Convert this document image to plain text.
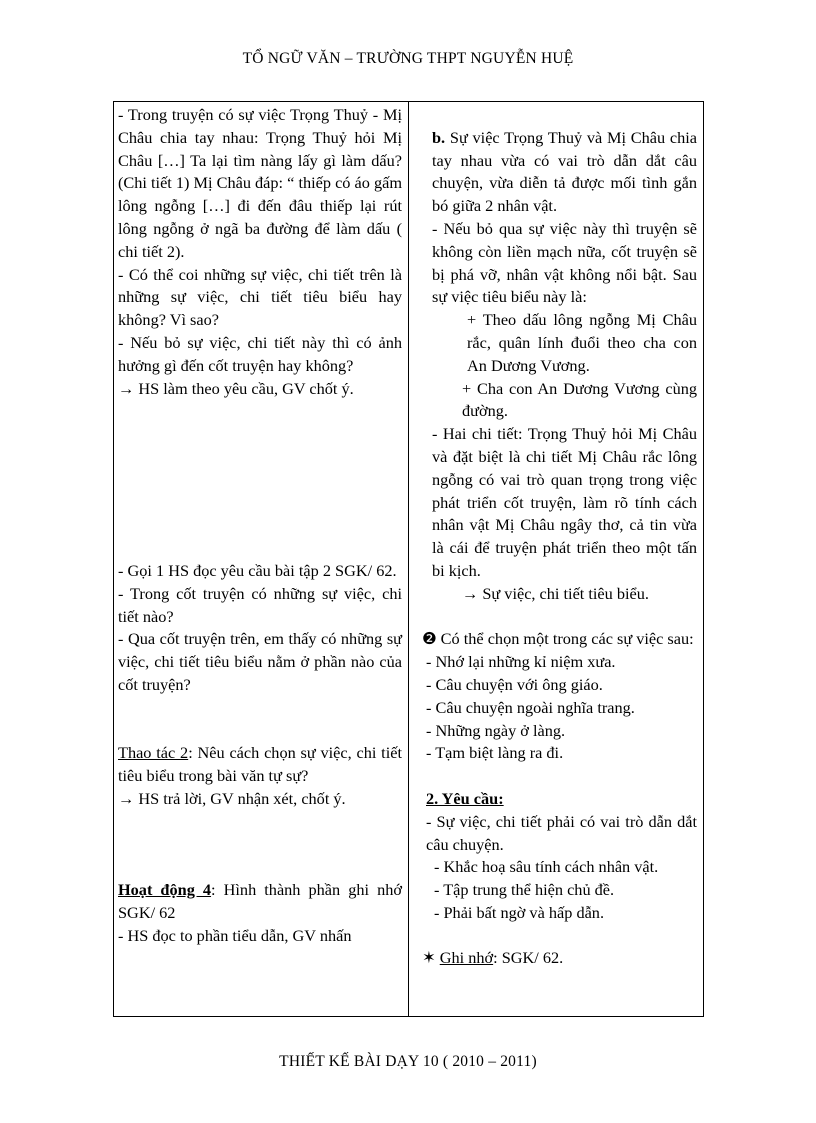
TỔ NGỮ VĂN – TRƯỜNG THPT NGUYỄN HUỆ

- Trong truyện có sự việc Trọng Thuỷ - Mị Châu chia tay nhau: Trọng Thuỷ hỏi Mị Châu […] Ta lại tìm nàng lấy gì làm dấu? (Chi tiết 1) Mị Châu đáp: “ thiếp có áo gấm lông ngỗng […] đi đến đâu thiếp lại rút lông ngỗng ở ngã ba đường để làm dấu ( chi tiết 2).

- Có thể coi những sự việc, chi tiết trên là những sự việc, chi tiết tiêu biểu hay không? Vì sao?

- Nếu bỏ sự việc, chi tiết này thì có ảnh hưởng gì đến cốt truyện hay không?

→ HS làm theo yêu cầu, GV chốt ý.

- Gọi 1 HS đọc yêu cầu bài tập 2 SGK/ 62.

- Trong cốt truyện có những sự việc, chi tiết nào?

- Qua cốt truyện trên, em thấy có những sự việc, chi tiết tiêu biểu nằm ở phần nào của cốt truyện?

Thao tác 2: Nêu cách chọn sự việc, chi tiết tiêu biểu trong bài văn tự sự?

→ HS trả lời, GV nhận xét, chốt ý.

Hoạt động 4: Hình thành phần ghi nhớ SGK/ 62

- HS đọc to phần tiểu dẫn, GV nhấn

b. Sự việc Trọng Thuỷ và Mị Châu chia tay nhau vừa có vai trò dẫn dắt câu chuyện, vừa diễn tả được mối tình gắn bó giữa 2 nhân vật.

- Nếu bỏ qua sự việc này thì truyện sẽ không còn liền mạch nữa, cốt truyện sẽ bị phá vỡ, nhân vật không nổi bật. Sau sự việc tiêu biểu này là:

+ Theo dấu lông ngỗng Mị Châu rắc, quân lính đuổi theo cha con An Dương Vương.

+ Cha con An Dương Vương cùng đường.

- Hai chi tiết: Trọng Thuỷ hỏi Mị Châu và đặt biệt là chi tiết Mị Châu rắc lông ngỗng có vai trò quan trọng trong việc phát triển cốt truyện, làm rõ tính cách nhân vật Mị Châu ngây thơ, cả tin vừa là cái để truyện phát triển theo một tấn bi kịch.

→ Sự việc, chi tiết tiêu biểu.

❷ Có thể chọn một trong các sự việc sau:

- Nhớ lại những kỉ niệm xưa.

- Câu chuyện với ông giáo.

- Câu chuyện ngoài nghĩa trang.

- Những ngày ở làng.

- Tạm biệt làng ra đi.

2. Yêu cầu:

- Sự việc, chi tiết phải có vai trò dẫn dắt câu chuyện.

- Khắc hoạ sâu tính cách nhân vật.

- Tập trung thể hiện chủ đề.

- Phải bất ngờ và hấp dẫn.

✶ Ghi nhớ: SGK/ 62.

THIẾT KẾ BÀI DẠY 10 ( 2010 – 2011)
